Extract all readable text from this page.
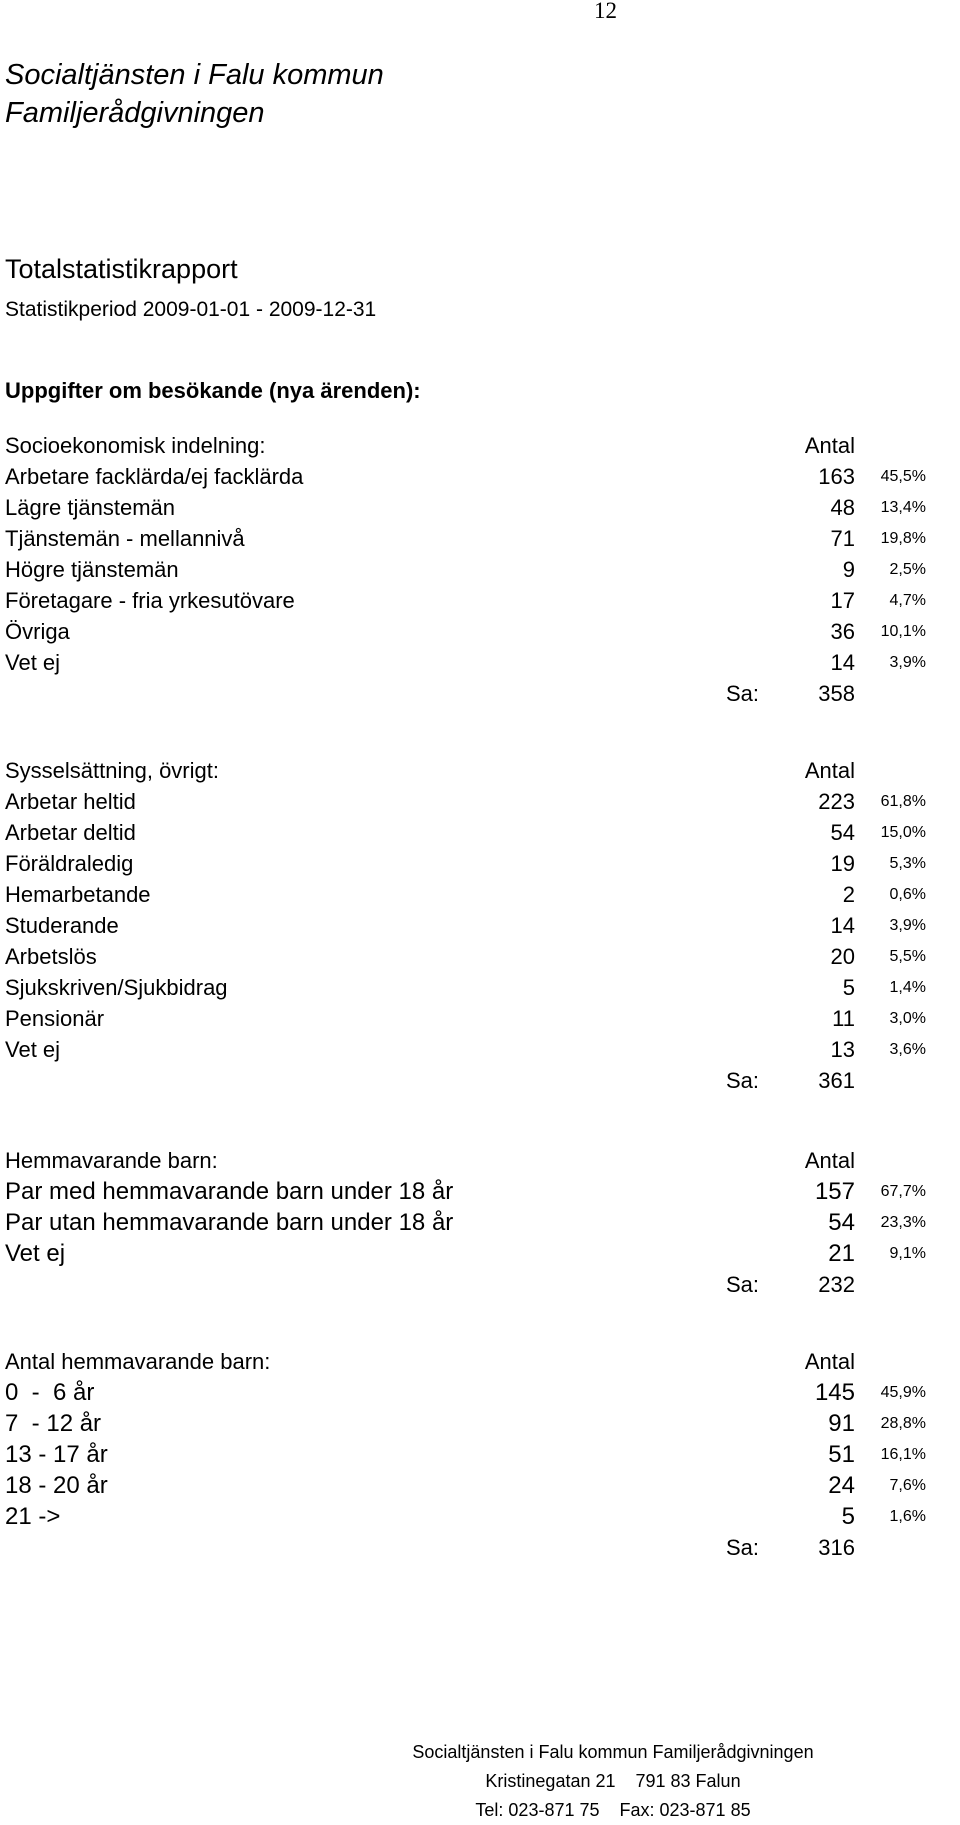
12
Socialtjänsten i Falu kommun
Familjerådgivningen
Totalstatistikrapport
Statistikperiod 2009-01-01 - 2009-12-31
Uppgifter om besökande (nya ärenden):
Socioekonomisk indelning:	Antal
Arbetare facklärda/ej facklärda	163 45,5%
Lägre tjänstemän	48 13,4%
Tjänstemän - mellannivå	71 19,8%
Högre tjänstemän	9 2,5%
Företagare - fria yrkesutövare	17 4,7%
Övriga	36 10,1%
Vet ej	14 3,9%
Sa:	358
Sysselsättning, övrigt:	Antal
Arbetar heltid	223 61,8%
Arbetar deltid	54 15,0%
Föräldraledig	19 5,3%
Hemarbetande	2 0,6%
Studerande	14 3,9%
Arbetslös	20 5,5%
Sjukskriven/Sjukbidrag	5 1,4%
Pensionär	11 3,0%
Vet ej	13 3,6%
Sa:	361
Hemmavarande barn:	Antal
Par med hemmavarande barn under 18 år	157 67,7%
Par utan hemmavarande barn under 18 år	54 23,3%
Vet ej	21 9,1%
Sa:	232
Antal hemmavarande barn:	Antal
0  -  6 år	145 45,9%
7  - 12 år	91 28,8%
13 - 17 år	51 16,1%
18 - 20 år	24 7,6%
21 ->	5 1,6%
Sa:	316
Socialtjänsten i Falu kommun Familjerådgivningen
Kristinegatan 21    791 83 Falun
Tel: 023-871 75    Fax: 023-871 85
